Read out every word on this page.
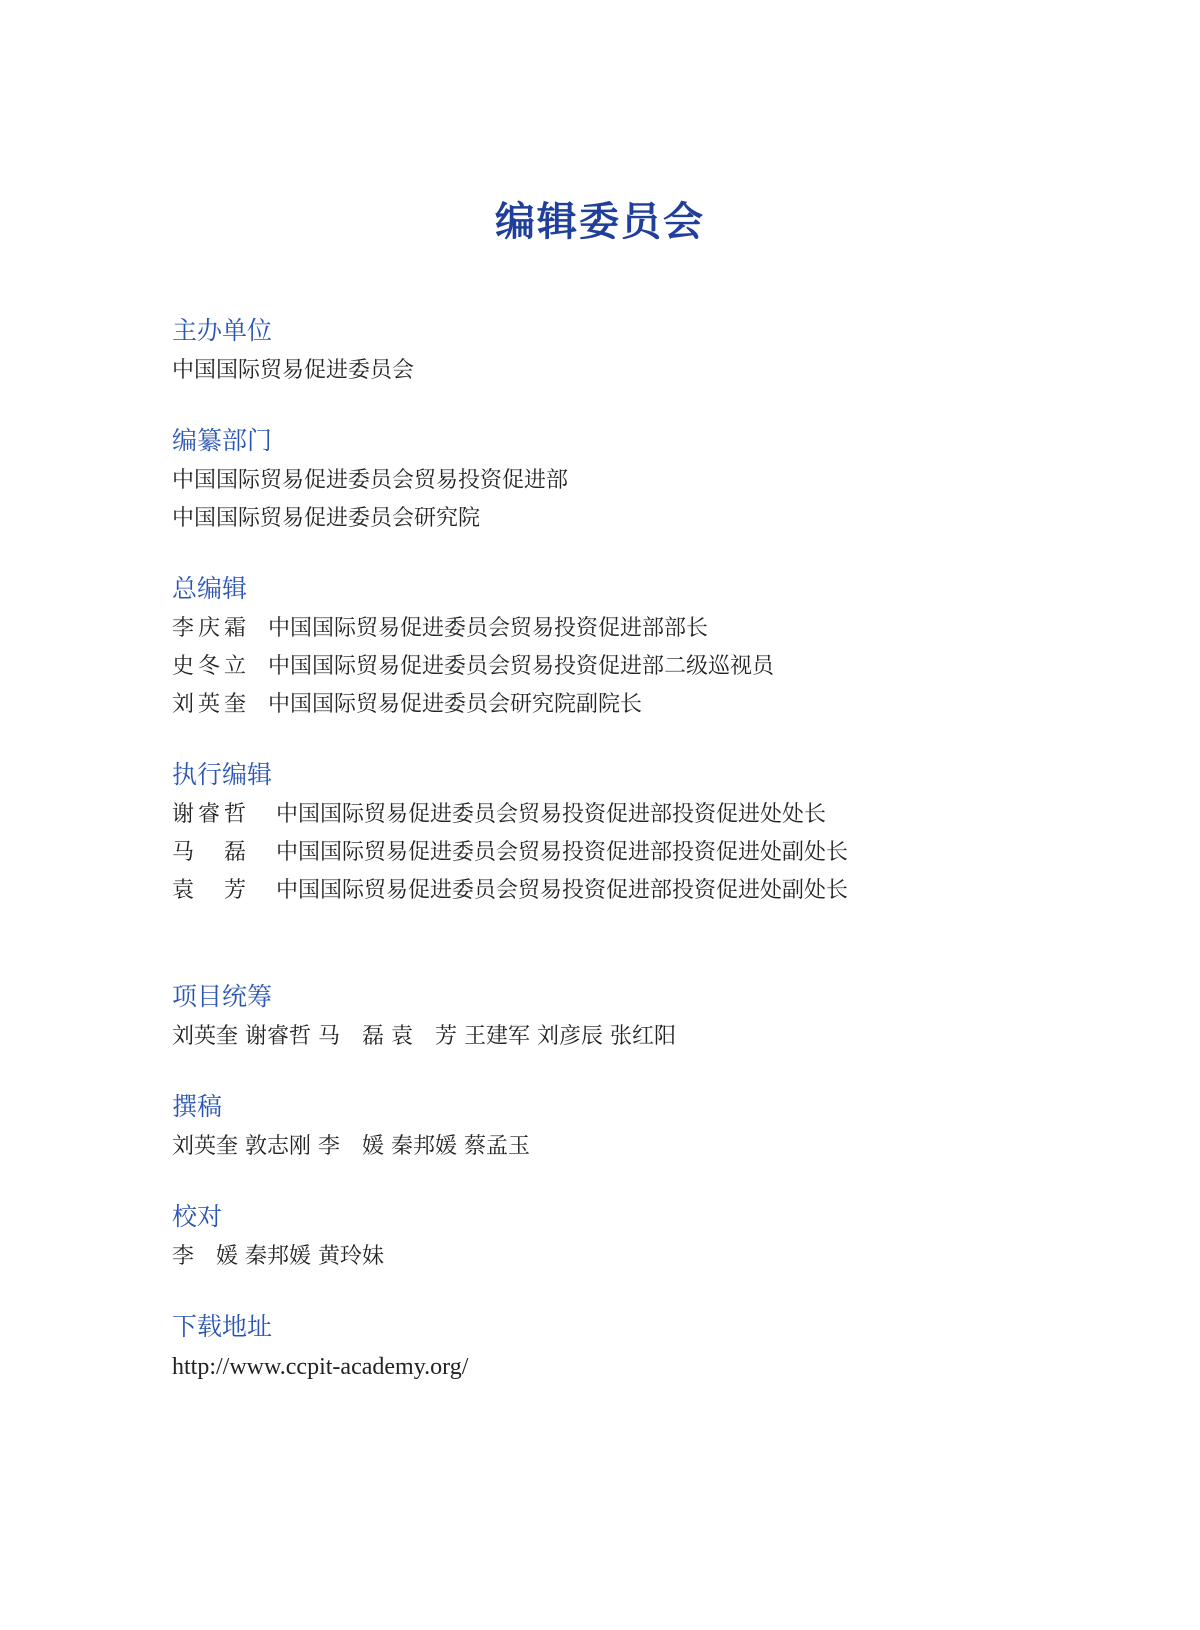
编辑委员会
主办单位
中国国际贸易促进委员会
编纂部门
中国国际贸易促进委员会贸易投资促进部
中国国际贸易促进委员会研究院
总编辑
李庆霜 中国国际贸易促进委员会贸易投资促进部部长
史冬立 中国国际贸易促进委员会贸易投资促进部二级巡视员
刘英奎 中国国际贸易促进委员会研究院副院长
执行编辑
谢睿哲 中国国际贸易促进委员会贸易投资促进部投资促进处处长
马　磊 中国国际贸易促进委员会贸易投资促进部投资促进处副处长
袁　芳 中国国际贸易促进委员会贸易投资促进部投资促进处副处长
项目统筹
刘英奎 谢睿哲 马　磊 袁　芳 王建军 刘彦辰 张红阳
撰稿
刘英奎 敦志刚 李　媛 秦邦媛 蔡孟玉
校对
李　媛 秦邦媛 黄玲妹
下载地址
http://www.ccpit-academy.org/
